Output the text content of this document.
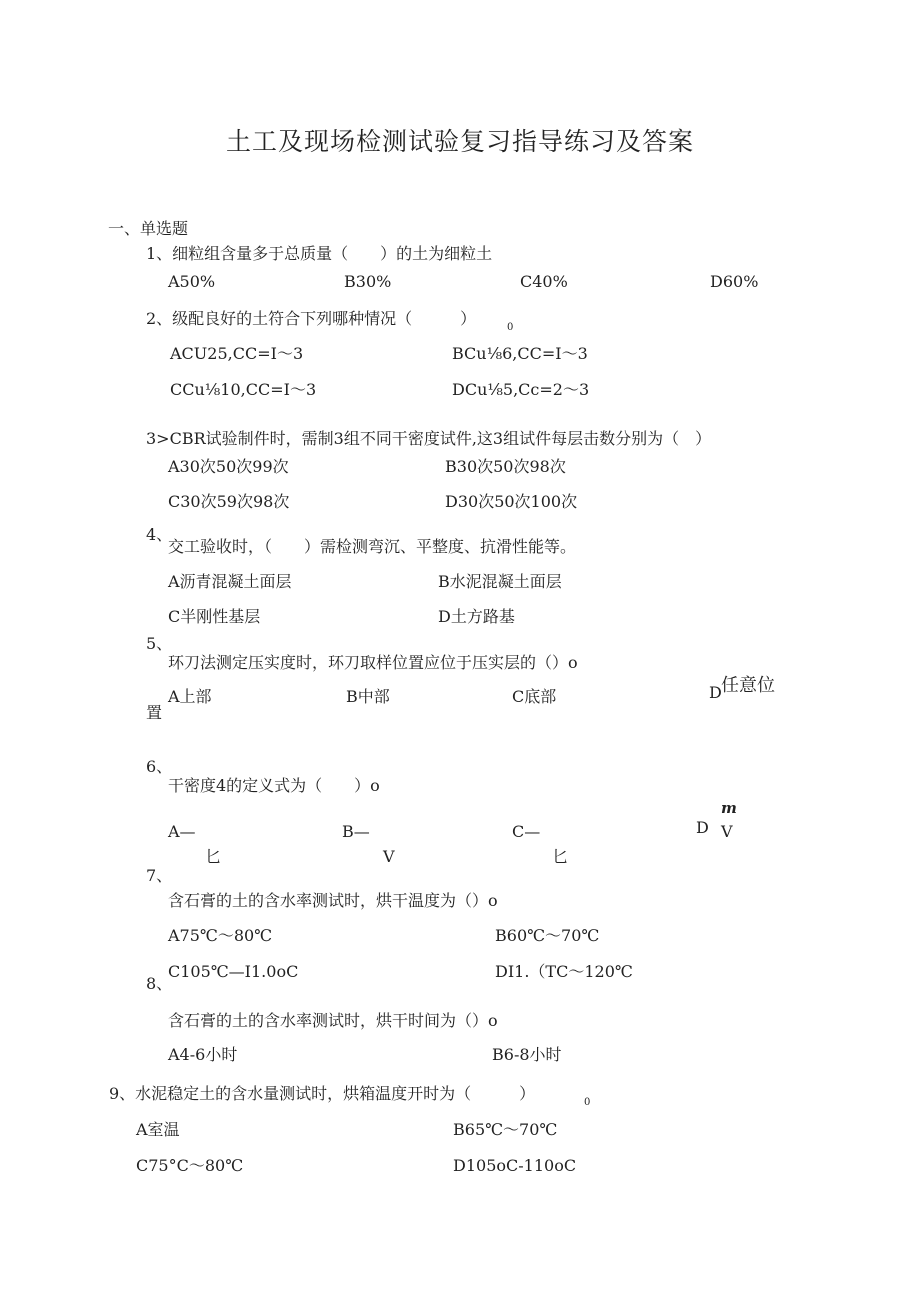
土工及现场检测试验复习指导练习及答案
一、单选题
1、细粒组含量多于总质量（　　）的土为细粒土
A50%	B30%	C40%	D60%
2、级配良好的土符合下列哪种情况（　　　）	0
ACU25,CC=I～3	BCu⅛6,CC=I～3
CCu⅛10,CC=I～3	DCu⅛5,Cc=2～3
3>CBR试验制件时，需制3组不同干密度试件,这3组试件每层击数分别为（　）
A30次50次99次	B30次50次98次
C30次59次98次	D30次50次100次
4、
交工验收时，（　　）需检测弯沉、平整度、抗滑性能等。
A沥青混凝土面层	B水泥混凝土面层
C半刚性基层	D土方路基
5、
环刀法测定压实度时，环刀取样位置应位于压实层的（）o
A上部	B中部	C底部	D 任意位
置
6、
干密度4的定义式为（　　）o
m
A—	B—	C—	D V
匕	V	匕
7、
含石膏的土的含水率测试时，烘干温度为（）o
A75℃～80℃	B60℃～70℃
C105℃—I1.0oC	DI1.（TC～120℃
8、
含石膏的土的含水率测试时，烘干时间为（）o
A4-6小时	B6-8小时
9、水泥稳定土的含水量测试时，烘箱温度开时为（　　　）	0
A室温	B65℃～70℃
C75°C～80℃	D105oC-110oC
